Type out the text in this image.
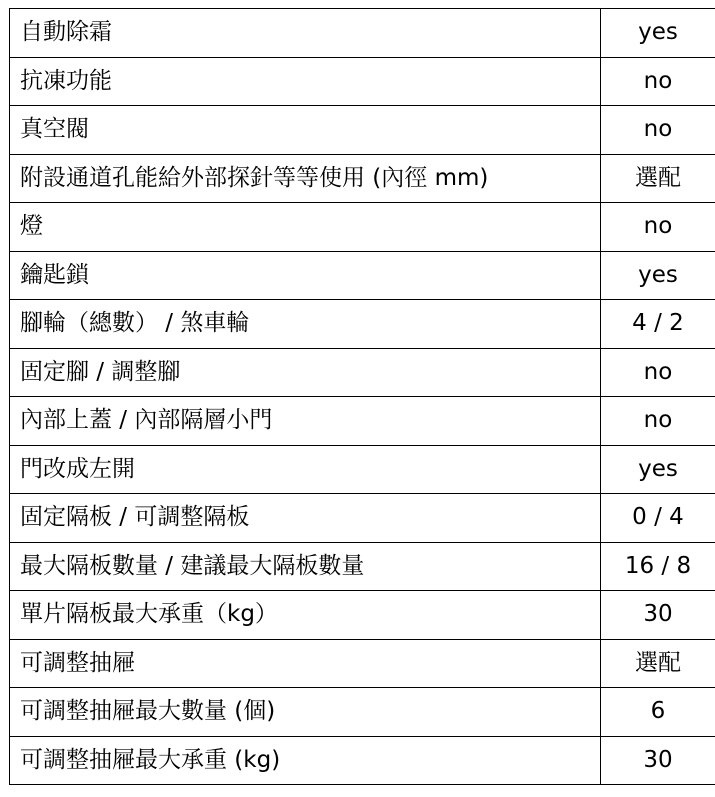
自動除霜	yes
抗凍功能	no
真空閥	no
附設通道孔能給外部探針等等使用 (內徑 mm)	選配
燈	no
鑰匙鎖	yes
腳輪（總數） / 煞車輪	4 / 2
固定腳 / 調整腳	no
內部上蓋 / 內部隔層小門	no
門改成左開	yes
固定隔板 / 可調整隔板	0 / 4
最大隔板數量 / 建議最大隔板數量	16 / 8
單片隔板最大承重（kg）	30
可調整抽屜	選配
可調整抽屜最大數量 (個)	6
可調整抽屜最大承重 (kg)	30
